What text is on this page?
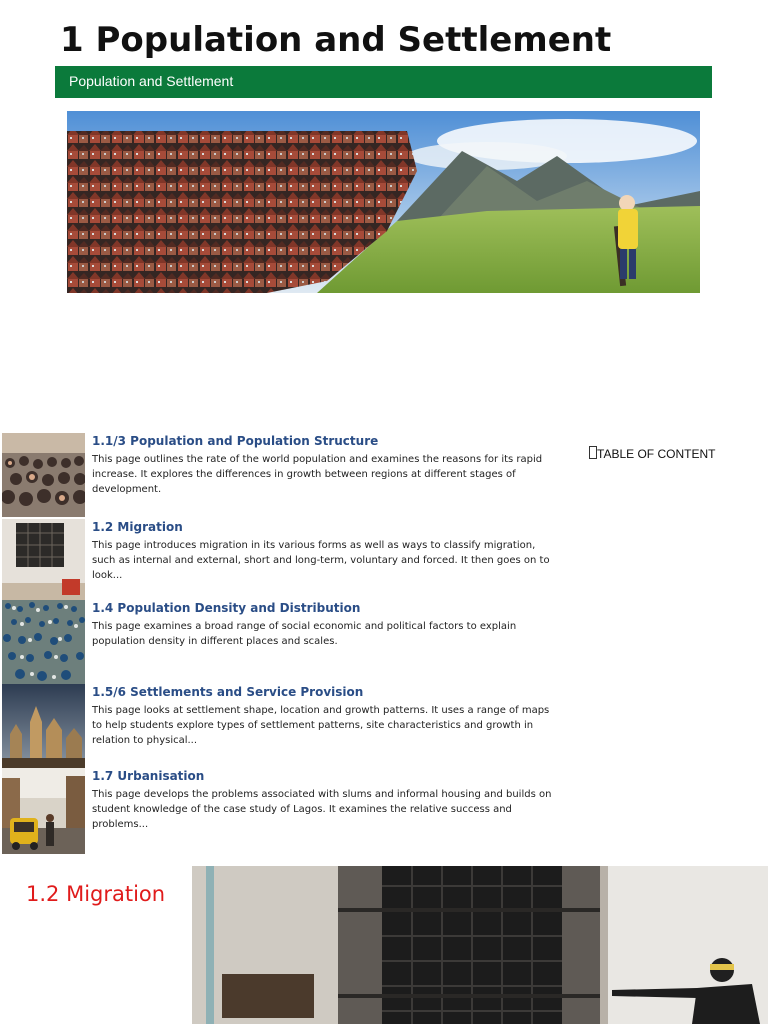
1 Population and Settlement
Population and Settlement
TABLE OF CONTENT
1.1/3 Population and Population Structure
This page outlines the rate of the world population and examines the reasons for its rapid increase. It explores the differences in growth between regions at different stages of development.
1.2 Migration
This page introduces migration in its various forms as well as ways to classify migration, such as internal and external, short and long-term, voluntary and forced. It then goes on to look...
1.4 Population Density and Distribution
This page examines a broad range of social economic and political factors to explain population density in different places and scales.
1.5/6 Settlements and Service Provision
This page looks at settlement shape, location and growth patterns. It uses a range of maps to help students explore types of settlement patterns, site characteristics and growth in relation to physical...
1.7 Urbanisation
This page develops the problems associated with slums and informal housing and builds on student knowledge of the case study of Lagos. It examines the relative success and problems...
1.2 Migration
